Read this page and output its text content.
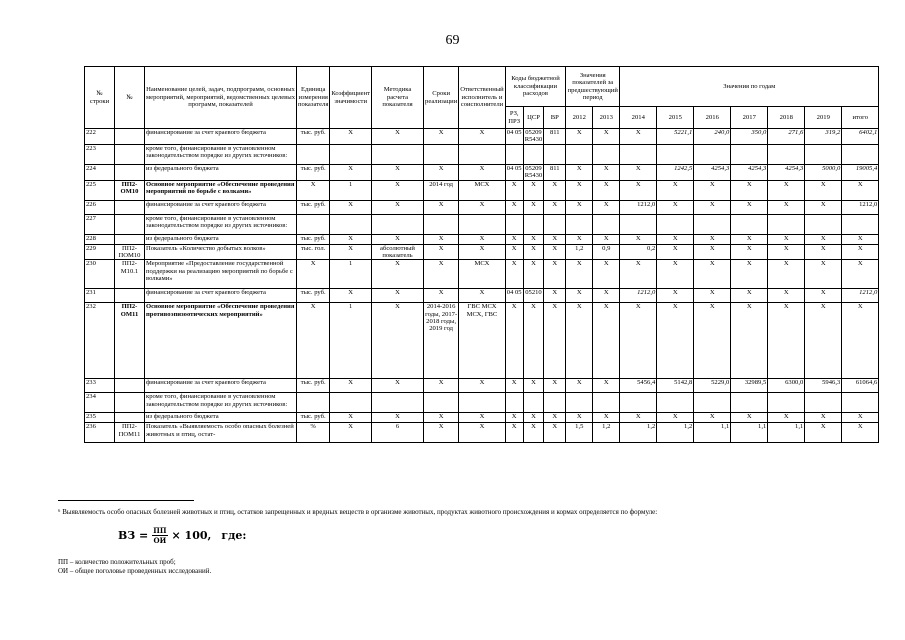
69
№ строки	№	Наименование целей, задач, подпрограмм, основных мероприятий, мероприятий, ведомственных целевых программ, показателей	Единица измерения показателя	Коэффициент значимости	Методика расчета показателя	Сроки реализации	Ответственный исполнитель и соисполнители	Коды бюджетной классификации расходов			Значения показателей за предшествующий период		Значения по годам						
								РЗ, ПРЗ	ЦСР	ВР	2012	2013	2014	2015	2016	2017	2018	2019	итого
222		финансирование за счет краевого бюджета	тыс. руб.	X	X	X	X	04 05	05209 R5430	811	X	X	X	5221,1	240,0	350,0	271,6	319,2	6402,1
223		кроме того, финансирование в установленном законодательством порядке из других источников:																	
224		из федерального бюджета	тыс. руб.	X	X	X	X	04 05	05209 R5430	811	X	X	X	1242,5	4254,3	4254,3	4254,3	5000,0	19005,4
225	ПП2-ОМ10	Основное мероприятие «Обеспечение проведения мероприятий по борьбе с волками»	X	1	X	2014 год	МСХ	X	X	X	X	X	X	X	X	X	X	X	X
226		финансирование за счет краевого бюджета	тыс. руб.	X	X	X	X	X	X	X	X	X	1212,0	X	X	X	X	X	1212,0
227		кроме того, финансирование в установленном законодательством порядке из других источников:																	
228		из федерального бюджета	тыс. руб.	X	X	X	X	X	X	X	X	X	X	X	X	X	X	X	X
229	ПП2-ПОМ10	Показатель «Количество добытых волков»	тыс. гол.	X	абсолютный показатель	X	X	X	X	X	1,2	0,9	0,2	X	X	X	X	X	X
230	ПП2-М10.1	Мероприятие «Предоставление государственной поддержки на реализацию мероприятий по борьбе с волками»	X	1	X	X	МСХ	X	X	X	X	X	X	X	X	X	X	X	X
231		финансирование за счет краевого бюджета	тыс. руб.	X	X	X	X	04 05	05210	X	X	X	1212,0	X	X	X	X	X	1212,0
232	ПП2-ОМ11	Основное мероприятие «Обеспечение проведения противоэпизоотических мероприятий»	X	1	X	2014-2016 годы, 2017-2018 годы, 2019 год	ГВС МСХ МСХ, ГВС	X	X	X	X	X	X	X	X	X	X	X	X
233		финансирование за счет краевого бюджета	тыс. руб.	X	X	X	X	X	X	X	X	X	5456,4	5142,8	5229,0	32989,5	6300,0	5946,3	61064,6
234		кроме того, финансирование в установленном законодательством порядке из других источников:																	
235		из федерального бюджета	тыс. руб.	X	X	X	X	X	X	X	X	X	X	X	X	X	X	X	X
236	ПП2-ПОМ11	Показатель «Выявляемость особо опасных болезней животных и птиц, остат-	%	X	6	X	X	X	X	X	1,5	1,2	1,2	1,2	1,1	1,1	1,1	X	X
⁶ Выявляемость особо опасных болезней животных и птиц, остатков запрещенных и вредных веществ в организме животных, продуктах животного происхождения и кормах определяется по формуле:
ВЗ = $\frac{ПП}{ОИ} \times 100$, где:
ПП – количество положительных проб;
ОИ – общее поголовье проведенных исследований.
